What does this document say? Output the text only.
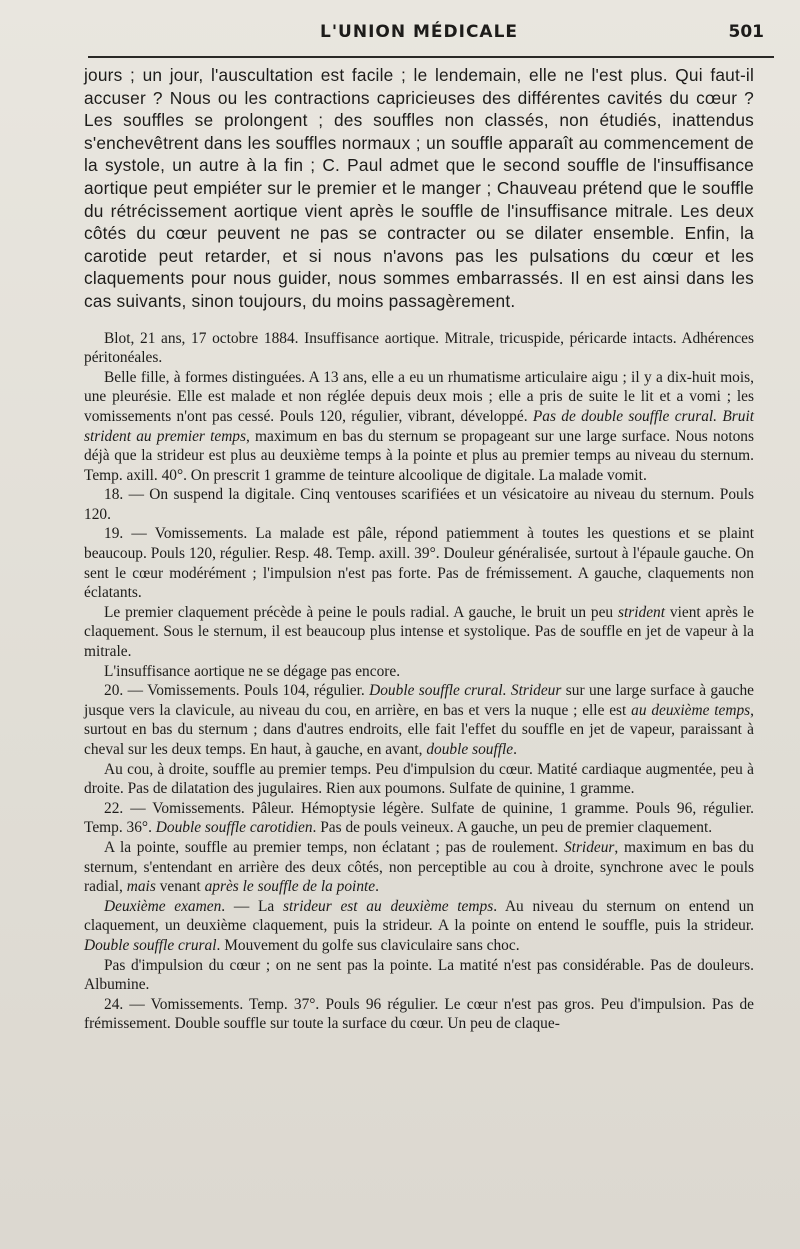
L'UNION MÉDICALE	501

jours ; un jour, l'auscultation est facile ; le lendemain, elle ne l'est plus. Qui faut-il accuser ? Nous ou les contractions capricieuses des différentes cavités du cœur ? Les souffles se prolongent ; des souffles non classés, non étudiés, inattendus s'enchevêtrent dans les souffles normaux ; un souffle apparaît au commencement de la systole, un autre à la fin ; C. Paul admet que le second souffle de l'insuffisance aortique peut empiéter sur le premier et le manger ; Chauveau prétend que le souffle du rétrécissement aortique vient après le souffle de l'insuffisance mitrale. Les deux côtés du cœur peuvent ne pas se contracter ou se dilater ensemble. Enfin, la carotide peut retarder, et si nous n'avons pas les pulsations du cœur et les claquements pour nous guider, nous sommes embarrassés. Il en est ainsi dans les cas suivants, sinon toujours, du moins passagèrement.

Blot, 21 ans, 17 octobre 1884. Insuffisance aortique. Mitrale, tricuspide, péricarde intacts. Adhérences péritonéales.

Belle fille, à formes distinguées. A 13 ans, elle a eu un rhumatisme articulaire aigu ; il y a dix-huit mois, une pleurésie. Elle est malade et non réglée depuis deux mois ; elle a pris de suite le lit et a vomi ; les vomissements n'ont pas cessé. Pouls 120, régulier, vibrant, développé. Pas de double souffle crural. Bruit strident au premier temps, maximum en bas du sternum se propageant sur une large surface. Nous notons déjà que la strideur est plus au deuxième temps à la pointe et plus au premier temps au niveau du sternum. Temp. axill. 40°. On prescrit 1 gramme de teinture alcoolique de digitale. La malade vomit.

18. — On suspend la digitale. Cinq ventouses scarifiées et un vésicatoire au niveau du sternum. Pouls 120.

19. — Vomissements. La malade est pâle, répond patiemment à toutes les questions et se plaint beaucoup. Pouls 120, régulier. Resp. 48. Temp. axill. 39°. Douleur généralisée, surtout à l'épaule gauche. On sent le cœur modérément ; l'impulsion n'est pas forte. Pas de frémissement. A gauche, claquements non éclatants.

Le premier claquement précède à peine le pouls radial. A gauche, le bruit un peu strident vient après le claquement. Sous le sternum, il est beaucoup plus intense et systolique. Pas de souffle en jet de vapeur à la mitrale.

L'insuffisance aortique ne se dégage pas encore.

20. — Vomissements. Pouls 104, régulier. Double souffle crural. Strideur sur une large surface à gauche jusque vers la clavicule, au niveau du cou, en arrière, en bas et vers la nuque ; elle est au deuxième temps, surtout en bas du sternum ; dans d'autres endroits, elle fait l'effet du souffle en jet de vapeur, paraissant à cheval sur les deux temps. En haut, à gauche, en avant, double souffle.

Au cou, à droite, souffle au premier temps. Peu d'impulsion du cœur. Matité cardiaque augmentée, peu à droite. Pas de dilatation des jugulaires. Rien aux poumons. Sulfate de quinine, 1 gramme.

22. — Vomissements. Pâleur. Hémoptysie légère. Sulfate de quinine, 1 gramme. Pouls 96, régulier. Temp. 36°. Double souffle carotidien. Pas de pouls veineux. A gauche, un peu de premier claquement.

A la pointe, souffle au premier temps, non éclatant ; pas de roulement. Strideur, maximum en bas du sternum, s'entendant en arrière des deux côtés, non perceptible au cou à droite, synchrone avec le pouls radial, mais venant après le souffle de la pointe.

Deuxième examen. — La strideur est au deuxième temps. Au niveau du sternum on entend un claquement, un deuxième claquement, puis la strideur. A la pointe on entend le souffle, puis la strideur. Double souffle crural. Mouvement du golfe sus claviculaire sans choc.

Pas d'impulsion du cœur ; on ne sent pas la pointe. La matité n'est pas considérable. Pas de douleurs. Albumine.

24. — Vomissements. Temp. 37°. Pouls 96 régulier. Le cœur n'est pas gros. Peu d'impulsion. Pas de frémissement. Double souffle sur toute la surface du cœur. Un peu de claque-
